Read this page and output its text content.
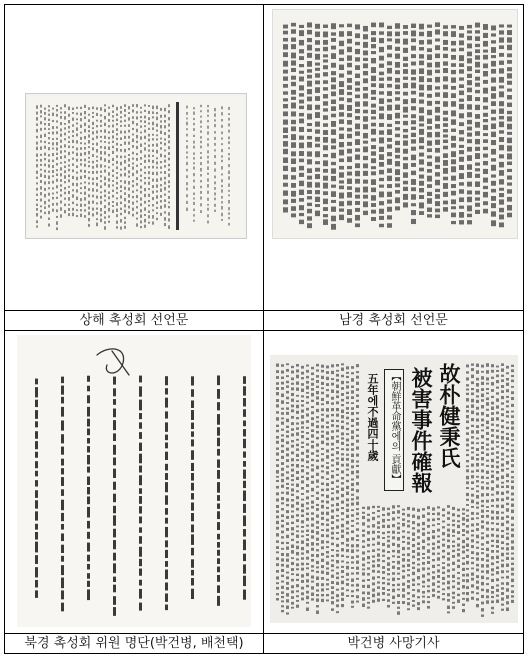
상해 촉성회 선언문	남경 촉성회 선언문
故朴健秉氏
被害事件確報
【朝鮮革命黨에의 貢獻】
五年에不過四十歲
북경 촉성회 위원 명단(박건병, 배천택)	박건병 사망기사
